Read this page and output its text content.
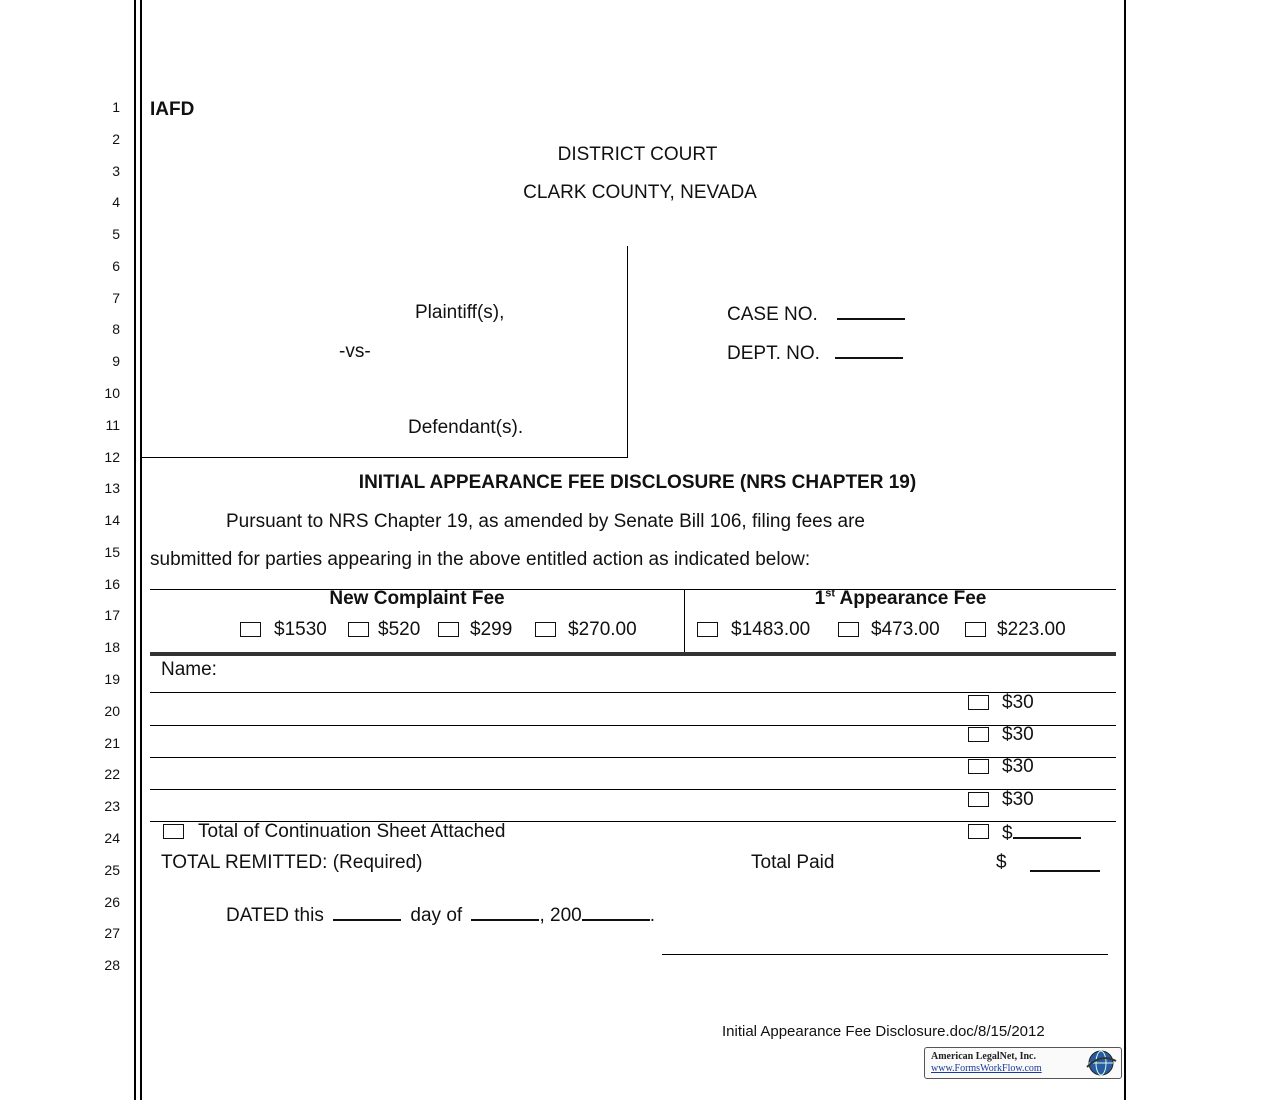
1
2
3
4
5
6
7
8
9
10
11
12
13
14
15
16
17
18
19
20
21
22
23
24
25
26
27
28
IAFD
DISTRICT COURT
CLARK COUNTY, NEVADA
Plaintiff(s),
-vs-
Defendant(s).
CASE NO.
DEPT. NO.
INITIAL APPEARANCE FEE DISCLOSURE (NRS CHAPTER 19)
Pursuant to NRS Chapter 19, as amended by Senate Bill 106, filing fees are
submitted for parties appearing in the above entitled action as indicated below:
New Complaint Fee	1st Appearance Fee
$1530	$520	$299	$270.00	$1483.00	$473.00	$223.00
Name:
$30
$30
$30
$30
Total of Continuation Sheet Attached	$
TOTAL REMITTED: (Required)	Total Paid	$
DATED this	day of	, 200	.
Initial Appearance Fee Disclosure.doc/8/15/2012
American LegalNet, Inc.
www.FormsWorkFlow.com
